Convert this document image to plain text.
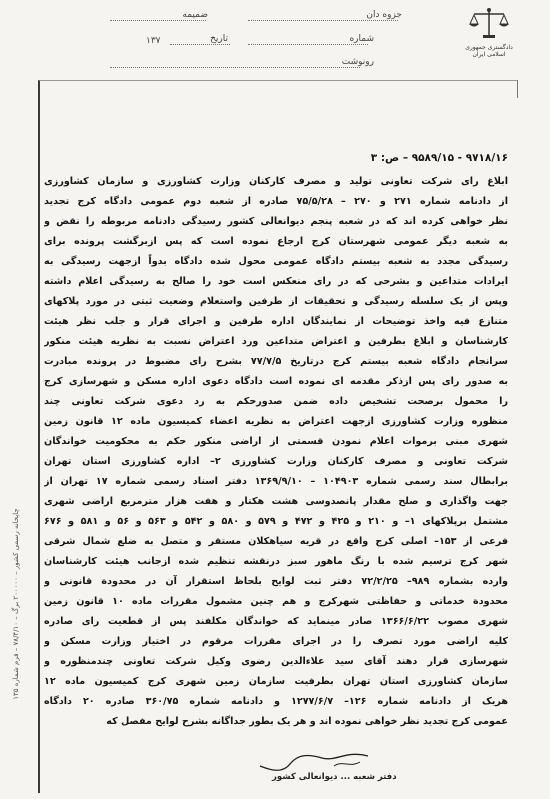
دادگستری جمهوری اسلامی ایران
جزوه دان
ضمیمه
شماره
تاریخ
۱۳۷
رونوشت
۹۷۱۸/۱۶ - ۹۵۸۹/۱۵ – ص: ۳
ابلاغ رای شرکت تعاونی تولید و مصرف کارکنان وزارت کشاورزی و سازمان کشاورزی
از دادنامه شماره ۲۷۱ و ۲۷۰ – ۷۵/۵/۲۸ صادره از شعبه دوم عمومی دادگاه کرج تجدید
نظر خواهی کرده اند که در شعبه پنجم دیوانعالی کشور رسیدگی دادنامه مربوطه را نقض و
به شعبه دیگر عمومی شهرستان کرج ارجاع نموده است که پس ازبرگشت پرونده برای
رسیدگی مجدد به شعبه بیستم دادگاه عمومی محول شده دادگاه بدواً ازجهت رسیدگی به
ایرادات متداعین و بشرحی که در رای منعکس است خود را صالح به رسیدگی اعلام داشته
وپس از یک سلسله رسیدگی و تحقیقات از طرفین واستعلام وضعیت ثبتی در مورد پلاکهای
متنازع فیه واخذ توضیحات از نمایندگان اداره طرفین و اجرای قرار و جلب نظر هیئت
کارشناسان و ابلاغ بطرفین و اعتراض متداعین ورد اعتراض نسبت به نظریه هیئت منکور
سرانجام دادگاه شعبه بیستم کرج درتاریخ ۷۷/۷/۵ بشرح رای مضبوط در پرونده مبادرت
به صدور رای پس ازذکر مقدمه ای نموده است دادگاه دعوی اداره مسکن و شهرسازی کرج
را محمول برصحت تشخیص داده ضمن صدورحکم به رد دعوی شرکت تعاونی چند
منظوره وزارت کشاورزی ازجهت اعتراض به نظریه اعضاء کمیسیون ماده ۱۲ قانون زمین
شهری مبنی برموات اعلام نمودن قسمتی از اراضی منکور حکم به محکومیت خواندگان
شرکت تعاونی و مصرف کارکنان وزارت کشاورزی ۲– اداره کشاورزی استان تهران
برابطال سند رسمی شماره ۱۰۴۹۰۳ – ۱۳۶۹/۹/۱۰ دفتر اسناد رسمی شماره ۱۷ تهران از
جهت واگذاری و صلح مقدار پانصدوسی هشت هکتار و هفت هزار مترمربع اراضی شهری
مشتمل برپلاکهای ۱– و ۲۱۰ و ۴۲۵ و ۴۷۲ و ۵۷۹ و ۵۸۰ و ۵۴۲ و ۵۶۳ و ۵۶ و ۵۸۱ و ۶۷۶
فرعی از ۱۵۳– اصلی کرج واقع در قریه سیاهکلان مستقر و متصل به ضلع شمال شرقی
شهر کرج ترسیم شده با رنگ ماهور سبز درنقشه تنظیم شده ازجانب هیئت کارشناسان
وارده بشماره ۹۸۹– ۷۲/۲/۲۵ دفتر ثبت لوایح بلحاظ استقرار آن در محدودة قانونی و
محدودة خدماتی و حفاظتی شهرکرج و هم چنین مشمول مقررات ماده ۱۰ قانون زمین
شهری مصوب ۱۳۶۶/۶/۲۲ صادر مینماید که خواندگان مکلفند پس از قطعیت رای صادره
کلیه اراضی مورد تصرف را در اجرای مقررات مرقوم در اختیار وزارت مسکن و
شهرسازی قرار دهند آقای سید علاءالدین رضوی وکیل شرکت تعاونی چندمنظوره و
سازمان کشاورزی استان تهران بطرفیت سازمان زمین شهری کرج کمیسیون ماده ۱۲
هریک از دادنامه شماره ۱۲۶– ۱۲۷۷/۶/۷ و دادنامه شماره ۳۶۰/۷۵ صادره ۲۰ دادگاه
عمومی کرج تجدید نظر خواهی نموده اند و هر یک بطور جداگانه بشرح لوایح مفصل که
دفتر شعبه ... دیوانعالی کشور
چاپخانه رسمی کشور – ۲۰۰۰۰۰ برگ – ۷۸/۴/۱۰ – فرم شماره ۱۳۵
